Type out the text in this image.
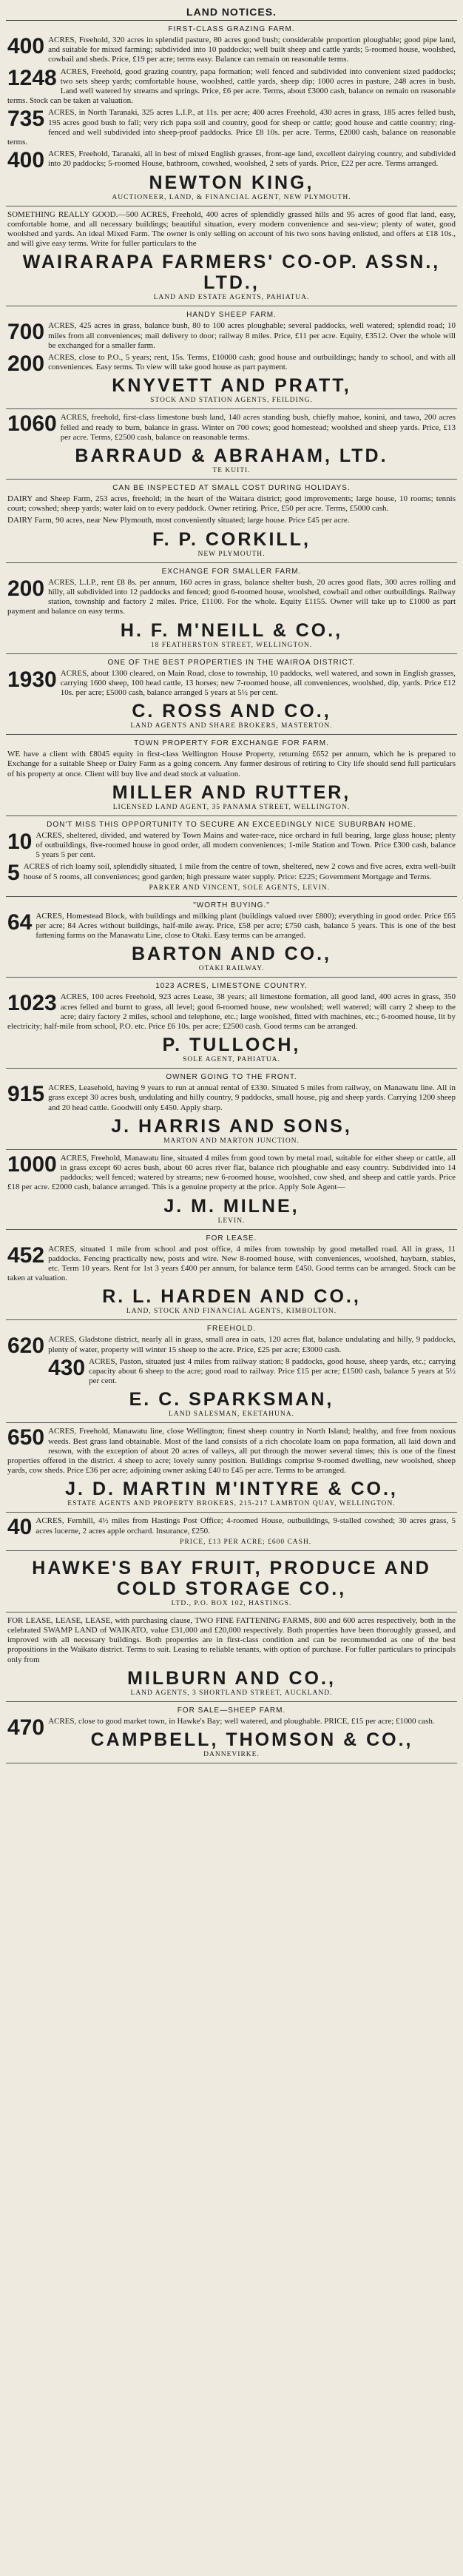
LAND NOTICES.
FIRST-CLASS GRAZING FARM.

400 ACRES, Freehold, 320 acres in splendid pasture, 80 acres good bush; considerable proportion ploughable; good pipe land, and suitable for mixed farming; subdivided into 10 paddocks; well built sheep and cattle yards; 5-roomed house, woolshed, cowbail and sheds. Price, £19 per acre; terms easy. Balance can remain on reasonable terms.

1248 ACRES, Freehold, good grazing country, papa formation; well fenced and subdivided into convenient sized paddocks; two sets sheep yards; comfortable house, woolshed, cattle yards, sheep dip; 1000 acres in pasture, 248 acres in bush. Land well watered by streams and springs. Price, £6 per acre. Terms, about £3000 cash, balance on remain on reasonable terms. Stock can be taken at valuation.

735 ACRES, in North Taranaki, 325 acres L.I.P., at 11s. per acre; 400 acres Freehold, 430 acres in grass, 185 acres felled bush, 195 acres good bush to fall; very rich papa soil and country, good for sheep or cattle; good house and cattle country; ring-fenced and well subdivided into sheep-proof paddocks. Price £8 10s. per acre. Terms, £2000 cash, balance on reasonable terms.

400 ACRES, Freehold, Taranaki, all in best of mixed English grasses, front-age land, excellent dairying country, and subdivided into 20 paddocks; 5-roomed House, bathroom, cowshed, woolshed, 2 sets of yards. Price, £22 per acre. Terms arranged.

NEWTON KING,
AUCTIONEER, LAND, & FINANCIAL AGENT, NEW PLYMOUTH.

SOMETHING REALLY GOOD.—500 ACRES, Freehold, 400 acres of splendidly grassed hills and 95 acres of good flat land, easy, comfortable home, and all necessary buildings; beautiful situation, every modern convenience and sea-view; plenty of water, good woolshed and yards. An ideal Mixed Farm. The owner is only selling on account of his two sons having enlisted, and offers at £18 10s., and will give easy terms. Write for fuller particulars to the

WAIRARAPA FARMERS' CO-OP. ASSN., LTD.,
LAND AND ESTATE AGENTS, PAHIATUA.
HANDY SHEEP FARM.

700 ACRES, 425 acres in grass, balance bush, 80 to 100 acres ploughable; several paddocks, well watered; splendid road; 10 miles from all conveniences; mail delivery to door; railway 8 miles. Price, £11 per acre. Equity, £3512. Over the whole will be exchanged for a smaller farm.

200 ACRES, close to P.O., 5 years; rent, 15s. Terms, £10000 cash; good house and outbuildings; handy to school, and with all conveniences. Easy terms. To view will take good house as part payment.

KNYVETT AND PRATT,
STOCK AND STATION AGENTS, FEILDING.

1060 ACRES, freehold, first-class limestone bush land, 140 acres standing bush, chiefly mahoe, konini, and tawa, 200 acres felled and ready to burn, balance in grass. Winter on 700 cows; good homestead; woolshed and sheep yards. Price, £13 per acre. Terms, £2500 cash, balance on reasonable terms.

BARRAUD & ABRAHAM, LTD.
TE KUITI.
CAN BE INSPECTED AT SMALL COST DURING HOLIDAYS.

DAIRY and Sheep Farm, 253 acres, freehold; in the heart of the Waitara district; good improvements; large house, 10 rooms; tennis court; cowshed; sheep yards; water laid on to every paddock. Owner retiring. Price, £50 per acre. Terms, £5000 cash.

DAIRY Farm, 90 acres, near New Plymouth, most conveniently situated; large house. Price £45 per acre.

F. P. CORKILL,
NEW PLYMOUTH.
EXCHANGE FOR SMALLER FARM.

200 ACRES, L.I.P., rent £8 8s. per annum, 160 acres in grass, balance shelter bush, 20 acres good flats, 300 acres rolling and hilly, all subdivided into 12 paddocks and fenced; good 6-roomed house, woolshed, cowbail and other outbuildings. Railway station, township and factory 2 miles. Price, £1100. For the whole. Equity £1155. Owner will take up to £1000 as part payment and balance on easy terms.

H. F. M'NEILL & CO.,
18 FEATHERSTON STREET, WELLINGTON.
ONE OF THE BEST PROPERTIES IN THE WAIROA DISTRICT.

1930 ACRES, about 1300 cleared, on Main Road, close to township, 10 paddocks, well watered, and sown in English grasses, carrying 1600 sheep, 100 head cattle, 13 horses; new 7-roomed house, all conveniences, woolshed, dip, yards. Price £12 10s. per acre; £5000 cash, balance arranged 5 years at 5½ per cent.

C. ROSS AND CO.,
LAND AGENTS AND SHARE BROKERS, MASTERTON.
TOWN PROPERTY FOR EXCHANGE FOR FARM.

WE have a client with £8045 equity in first-class Wellington House Property, returning £652 per annum, which he is prepared to Exchange for a suitable Sheep or Dairy Farm as a going concern. Any farmer desirous of retiring to City life should send full particulars of his property at once. Client will buy live and dead stock at valuation.

MILLER AND RUTTER,
LICENSED LAND AGENT, 35 PANAMA STREET, WELLINGTON.
DON'T MISS THIS OPPORTUNITY TO SECURE AN EXCEEDINGLY NICE SUBURBAN HOME.

10 ACRES, sheltered, divided, and watered by Town Mains and water-race, nice orchard in full bearing, large glass house; plenty of outbuildings, five-roomed house in good order, all modern conveniences; 1-mile Station and Town. Price £300 cash, balance 5 years 5 per cent.

5 ACRES of rich loamy soil, splendidly situated, 1 mile from the centre of town, sheltered, new 2 cows and five acres, extra well-built house of 5 rooms, all conveniences; good garden; high pressure water supply. Price: £225; Government Mortgage and Terms.

PARKER AND VINCENT, SOLE AGENTS, LEVIN.
"WORTH BUYING."

64 ACRES, Homestead Block, with buildings and milking plant (buildings valued over £800); everything in good order. Price £65 per acre; 84 Acres without buildings, half-mile away. Price, £58 per acre; £750 cash, balance 5 years. This is one of the best fattening farms on the Manawatu Line, close to Otaki. Easy terms can be arranged.

BARTON AND CO.,
OTAKI RAILWAY.
1023 ACRES, LIMESTONE COUNTRY.

1023 ACRES, 100 acres Freehold, 923 acres Lease, 38 years; all limestone formation, all good land, 400 acres in grass, 350 acres felled and burnt to grass, all level; good 6-roomed house, new woolshed; well watered; will carry 2 sheep to the acre; dairy factory 2 miles, school and telephone, etc.; large woolshed, fitted with machines, etc.; 6-roomed house, lit by electricity; half-mile from school, P.O. etc. Price £6 10s. per acre; £2500 cash. Good terms can be arranged.

P. TULLOCH,
SOLE AGENT, PAHIATUA.
OWNER GOING TO THE FRONT.

915 ACRES, Leasehold, having 9 years to run at annual rental of £330. Situated 5 miles from railway, on Manawatu line. All in grass except 30 acres bush, undulating and hilly country, 9 paddocks, small house, pig and sheep yards. Carrying 1200 sheep and 20 head cattle. Goodwill only £450. Apply sharp.

J. HARRIS AND SONS,
MARTON AND MARTON JUNCTION.

1000 ACRES, Freehold, Manawatu line, situated 4 miles from good town by metal road, suitable for either sheep or cattle, all in grass except 60 acres bush, about 60 acres river flat, balance rich ploughable and easy country. Subdivided into 14 paddocks; well fenced; watered by streams; new 6-roomed house, woolshed, cow shed, and sheep and cattle yards. Price £18 per acre. £2000 cash, balance arranged. This is a genuine property at the price. Apply Sole Agent—

J. M. MILNE,
LEVIN.
FOR LEASE.

452 ACRES, situated 1 mile from school and post office, 4 miles from township by good metalled road. All in grass, 11 paddocks. Fencing practically new, posts and wire. New 8-roomed house, with conveniences, woolshed, haybarn, stables, etc. Term 10 years. Rent for 1st 3 years £400 per annum, for balance term £450. Good terms can be arranged. Stock can be taken at valuation.

R. L. HARDEN AND CO.,
LAND, STOCK AND FINANCIAL AGENTS, KIMBOLTON.
FREEHOLD.

620 ACRES, Gladstone district, nearly all in grass, small area in oats, 120 acres flat, balance undulating and hilly, 9 paddocks, plenty of water, property will winter 15 sheep to the acre. Price, £25 per acre; £3000 cash.

430 ACRES, Paston, situated just 4 miles from railway station; 8 paddocks, good house, sheep yards, etc.; carrying capacity about 6 sheep to the acre; good road to railway. Price £15 per acre; £1500 cash, balance 5 years at 5½ per cent.

E. C. SPARKSMAN,
LAND SALESMAN, EKETAHUNA.

650 ACRES, Freehold, Manawatu line, close Wellington; finest sheep country in North Island; healthy, and free from noxious weeds. Best grass land obtainable. Most of the land consists of a rich chocolate loam on papa formation, all laid down and resown, with the exception of about 20 acres of valleys, all put through the mower several times; this is one of the finest properties offered in the district. 4 sheep to acre; lovely sunny position. Buildings comprise 9-roomed dwelling, new woolshed, sheep yards, cow sheds. Price £36 per acre; adjoining owner asking £40 to £45 per acre. Terms to be arranged.

J. D. MARTIN M'INTYRE & CO.,
ESTATE AGENTS AND PROPERTY BROKERS, 215-217 LAMBTON QUAY, WELLINGTON.

40 ACRES, Fernhill, 4½ miles from Hastings Post Office; 4-roomed House, outbuildings, 9-stalled cowshed; 30 acres grass, 5 acres lucerne, 2 acres apple orchard. Insurance, £250.

PRICE, £13 PER ACRE; £600 CASH.
HAWKE'S BAY FRUIT, PRODUCE AND COLD STORAGE CO.,
LTD., P.O. BOX 102, HASTINGS.

FOR LEASE, LEASE, LEASE, with purchasing clause, TWO FINE FATTENING FARMS, 800 and 600 acres respectively, both in the celebrated SWAMP LAND of WAIKATO, value £31,000 and £20,000 respectively. Both properties have been thoroughly grassed, and improved with all necessary buildings. Both properties are in first-class condition and can be recommended as one of the best propositions in the Waikato district. Terms to suit. Leasing to reliable tenants, with option of purchase. For fuller particulars to principals only from

MILBURN AND CO.,
LAND AGENTS, 3 SHORTLAND STREET, AUCKLAND.
FOR SALE—SHEEP FARM.

470 ACRES, close to good market town, in Hawke's Bay; well watered, and ploughable. PRICE, £15 per acre; £1000 cash.

CAMPBELL, THOMSON & CO.,
DANNEVIRKE.
